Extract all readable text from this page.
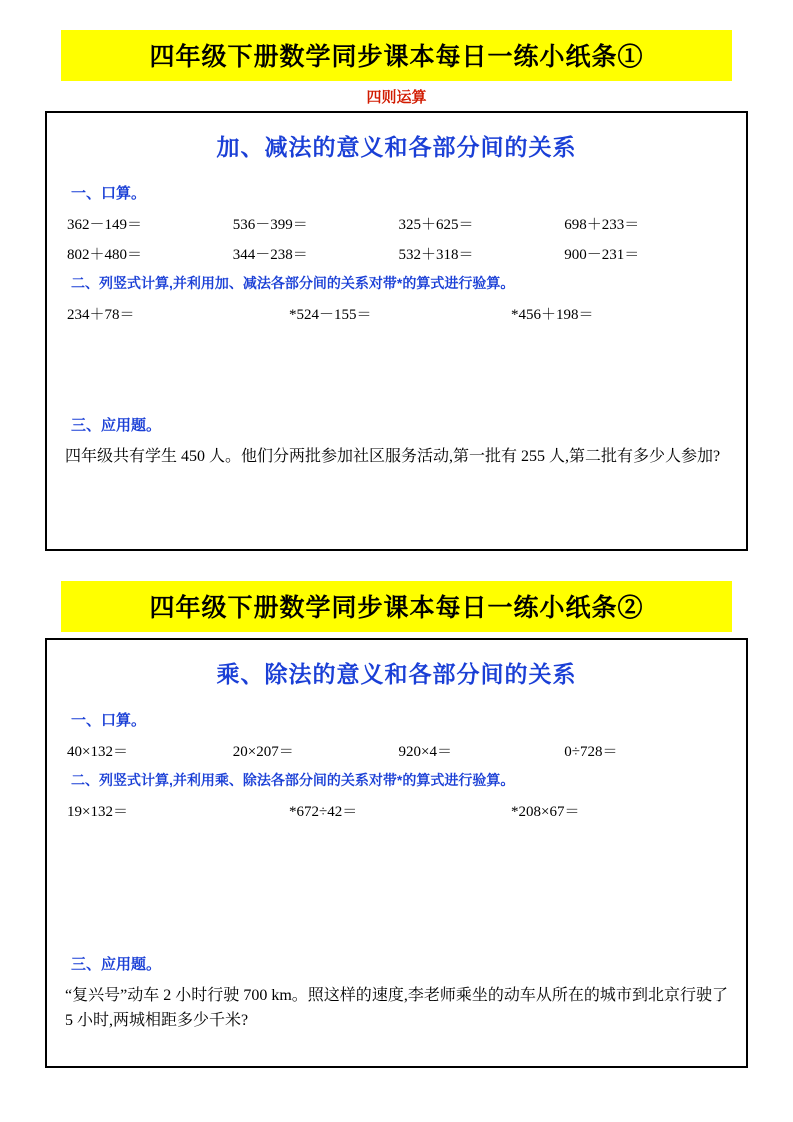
四年级下册数学同步课本每日一练小纸条①
四则运算
加、减法的意义和各部分间的关系
一、口算。
362－149＝	536－399＝	325＋625＝	698＋233＝
802＋480＝	344－238＝	532＋318＝	900－231＝
二、列竖式计算,并利用加、减法各部分间的关系对带*的算式进行验算。
234＋78＝	*524－155＝	*456＋198＝
三、应用题。
四年级共有学生 450 人。他们分两批参加社区服务活动,第一批有 255 人,第二批有多少人参加?
四年级下册数学同步课本每日一练小纸条②
乘、除法的意义和各部分间的关系
一、口算。
40×132＝	20×207＝	920×4＝	0÷728＝
二、列竖式计算,并利用乘、除法各部分间的关系对带*的算式进行验算。
19×132＝	*672÷42＝	*208×67＝
三、应用题。
“复兴号”动车 2 小时行驶 700 km。照这样的速度,李老师乘坐的动车从所在的城市到北京行驶了 5 小时,两城相距多少千米?
